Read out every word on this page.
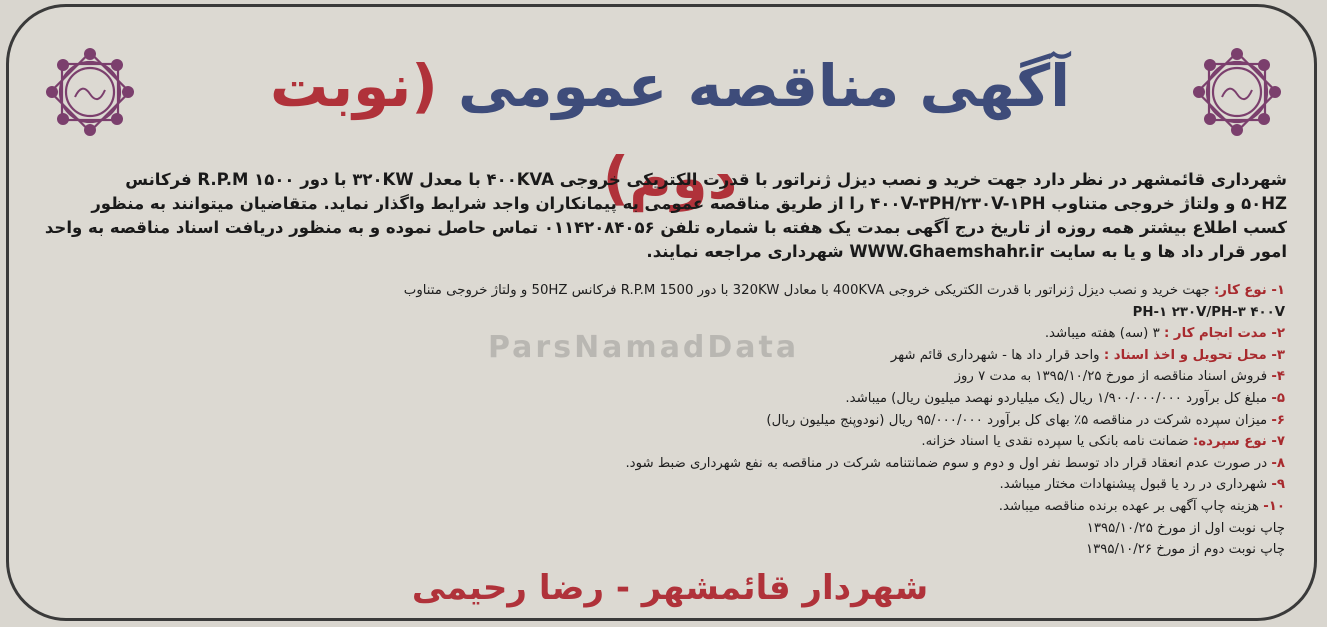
آگهی مناقصه عمومی (نوبت دوم)
شهرداری قائمشهر در نظر دارد جهت خرید و نصب دیزل ژنراتور با قدرت الکتریکی خروجی ۴۰۰KVA با معدل ۳۲۰KW با دور ۱۵۰۰ R.P.M فرکانس
۵۰HZ و ولتاژ خروجی متناوب ۴۰۰V-۳PH/۲۳۰V-۱PH را از طریق مناقصه عمومی به پیمانکاران واجد شرایط واگذار نماید. متقاضیان میتوانند به منظور
کسب اطلاع بیشتر همه روزه از تاریخ درج آگهی بمدت یک هفته با شماره تلفن ۰۱۱۴۲۰۸۴۰۵۶ تماس حاصل نموده و به منظور دریافت اسناد مناقصه به واحد
امور قرار داد ها و یا به سایت WWW.Ghaemshahr.ir شهرداری مراجعه نمایند.
ParsNamadData
۱- نوع کار: جهت خرید و نصب دیزل ژنراتور با قدرت الکتریکی خروجی 400KVA با معادل 320KW با دور R.P.M 1500 فرکانس 50HZ و ولتاژ خروجی متناوب
PH-۱ ۲۳۰V/PH-۳ ۴۰۰V
۲- مدت انجام کار : ۳ (سه) هفته میباشد.
۳- محل تحویل و اخذ اسناد : واحد قرار داد ها - شهرداری قائم شهر
۴- فروش اسناد مناقصه از مورخ ۱۳۹۵/۱۰/۲۵ به مدت ۷ روز
۵- مبلغ کل برآورد ۱/۹۰۰/۰۰۰/۰۰۰ ریال (یک میلیاردو نهصد میلیون ریال) میباشد.
۶- میزان سپرده شرکت در مناقصه ۵٪ بهای کل برآورد ۹۵/۰۰۰/۰۰۰ ریال (نودوپنج میلیون ریال)
۷- نوع سپرده: ضمانت نامه بانکی یا سپرده نقدی یا اسناد خزانه.
۸- در صورت عدم انعقاد قرار داد توسط نفر اول و دوم و سوم ضمانتنامه شرکت در مناقصه به نفع شهرداری ضبط شود.
۹- شهرداری در رد یا قبول پیشنهادات مختار میباشد.
۱۰- هزینه چاپ آگهی بر عهده برنده مناقصه میباشد.
چاپ نوبت اول از مورخ ۱۳۹۵/۱۰/۲۵
چاپ نوبت دوم از مورخ ۱۳۹۵/۱۰/۲۶
شهردار قائمشهر - رضا رحیمی
